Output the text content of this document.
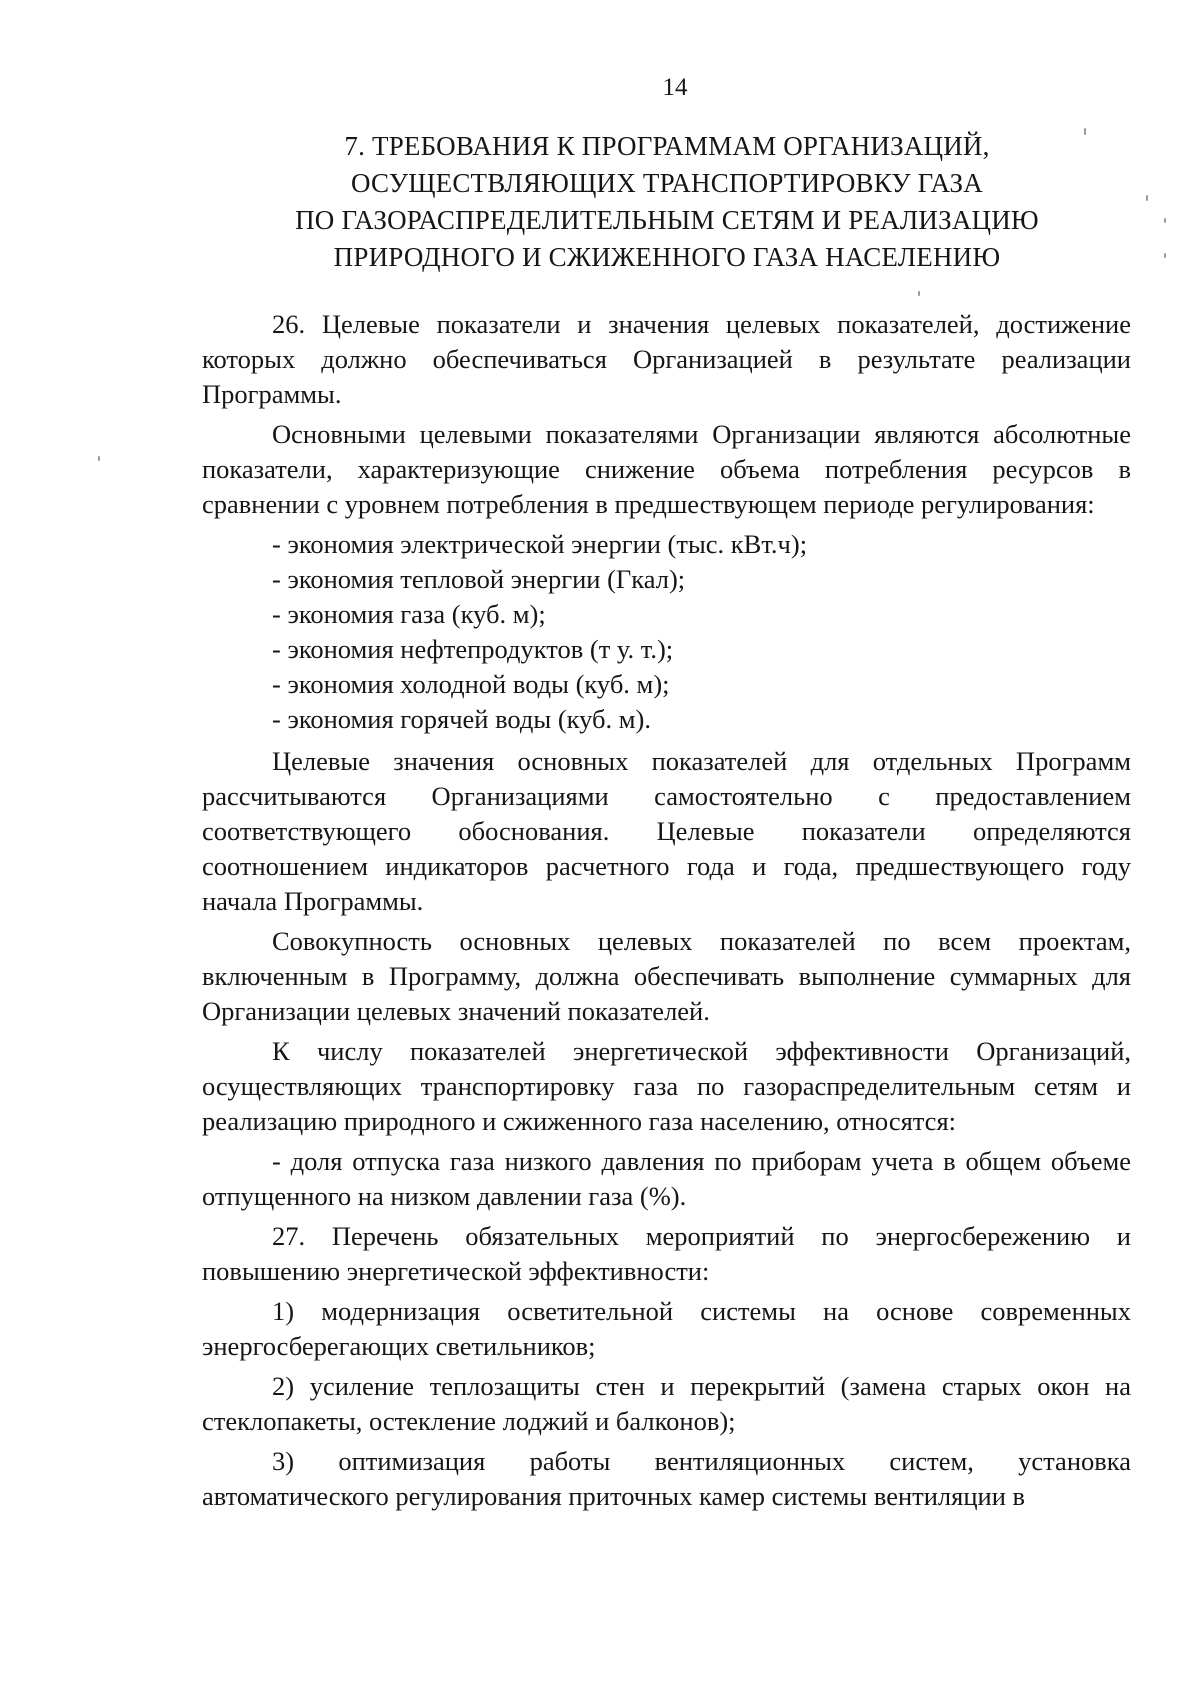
14
7. ТРЕБОВАНИЯ К ПРОГРАММАМ ОРГАНИЗАЦИЙ,
ОСУЩЕСТВЛЯЮЩИХ ТРАНСПОРТИРОВКУ ГАЗА
ПО ГАЗОРАСПРЕДЕЛИТЕЛЬНЫМ СЕТЯМ И РЕАЛИЗАЦИЮ
ПРИРОДНОГО И СЖИЖЕННОГО ГАЗА НАСЕЛЕНИЮ

26. Целевые показатели и значения целевых показателей, достижение которых должно обеспечиваться Организацией в результате реализации Программы.

Основными целевыми показателями Организации являются абсолютные показатели, характеризующие снижение объема потребления ресурсов в сравнении с уровнем потребления в предшествующем периоде регулирования:

- экономия электрической энергии (тыс. кВт.ч);

- экономия тепловой энергии (Гкал);

- экономия газа (куб. м);

- экономия нефтепродуктов (т у. т.);

- экономия холодной воды (куб. м);

- экономия горячей воды (куб. м).

Целевые значения основных показателей для отдельных Программ рассчитываются Организациями самостоятельно с предоставлением соответствующего обоснования. Целевые показатели определяются соотношением индикаторов расчетного года и года, предшествующего году начала Программы.

Совокупность основных целевых показателей по всем проектам, включенным в Программу, должна обеспечивать выполнение суммарных для Организации целевых значений показателей.

К числу показателей энергетической эффективности Организаций, осуществляющих транспортировку газа по газораспределительным сетям и реализацию природного и сжиженного газа населению, относятся:

- доля отпуска газа низкого давления по приборам учета в общем объеме отпущенного на низком давлении газа (%).

27. Перечень обязательных мероприятий по энергосбережению и повышению энергетической эффективности:

1) модернизация осветительной системы на основе современных энергосберегающих светильников;

2) усиление теплозащиты стен и перекрытий (замена старых окон на стеклопакеты, остекление лоджий и балконов);

3) оптимизация работы вентиляционных систем, установка автоматического регулирования приточных камер системы вентиляции в
